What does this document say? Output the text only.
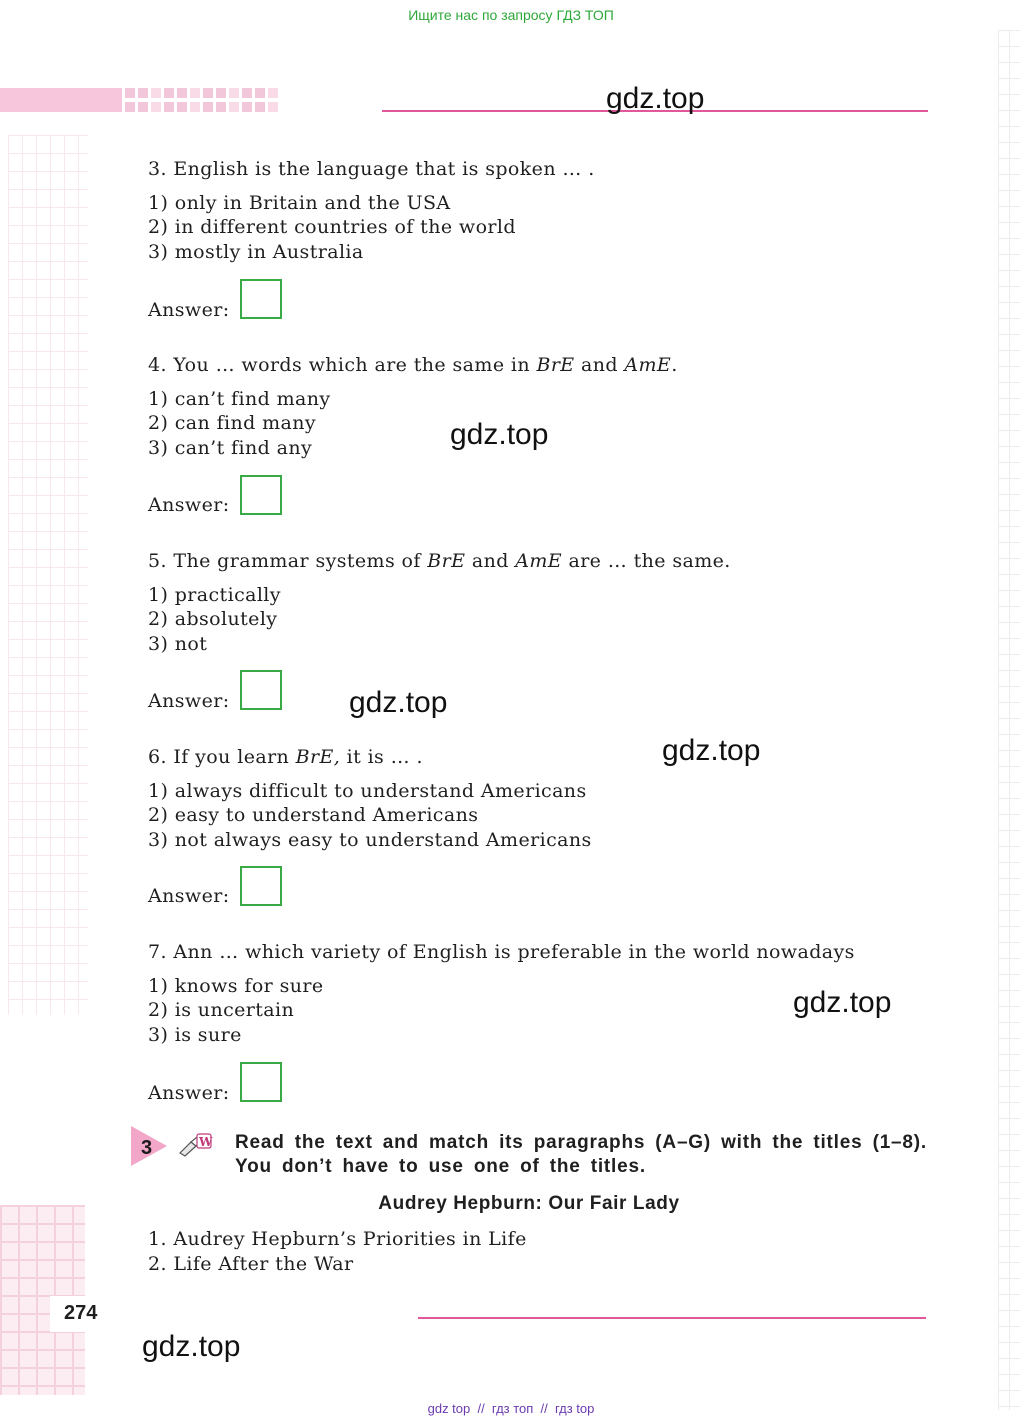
Ищите нас по запросу ГДЗ ТОП
gdz.top

3. English is the language that is spoken … .

1) only in Britain and the USA

2) in different countries of the world

3) mostly in Australia

Answer:

4. You … words which are the same in BrE and AmE.

1) can’t find many

2) can find many

3) can’t find any

Answer:
gdz.top

5. The grammar systems of BrE and AmE are … the same.

1) practically

2) absolutely

3) not

Answer:	gdz.top

6. If you learn BrE, it is … .

1) always difficult to understand Americans

2) easy to understand Americans

3) not always easy to understand Americans

Answer:
gdz.top

7. Ann … which variety of English is preferable in the world nowadays

1) knows for sure

2) is uncertain

3) is sure

Answer:
gdz.top
3	W Read the text and match its paragraphs (A–G) with the titles (1–8). You don’t have to use one of the titles.
Audrey Hepburn: Our Fair Lady

1. Audrey Hepburn’s Priorities in Life

2. Life After the War

274
gdz.top
gdz top  //  гдз топ  //  гдз top
